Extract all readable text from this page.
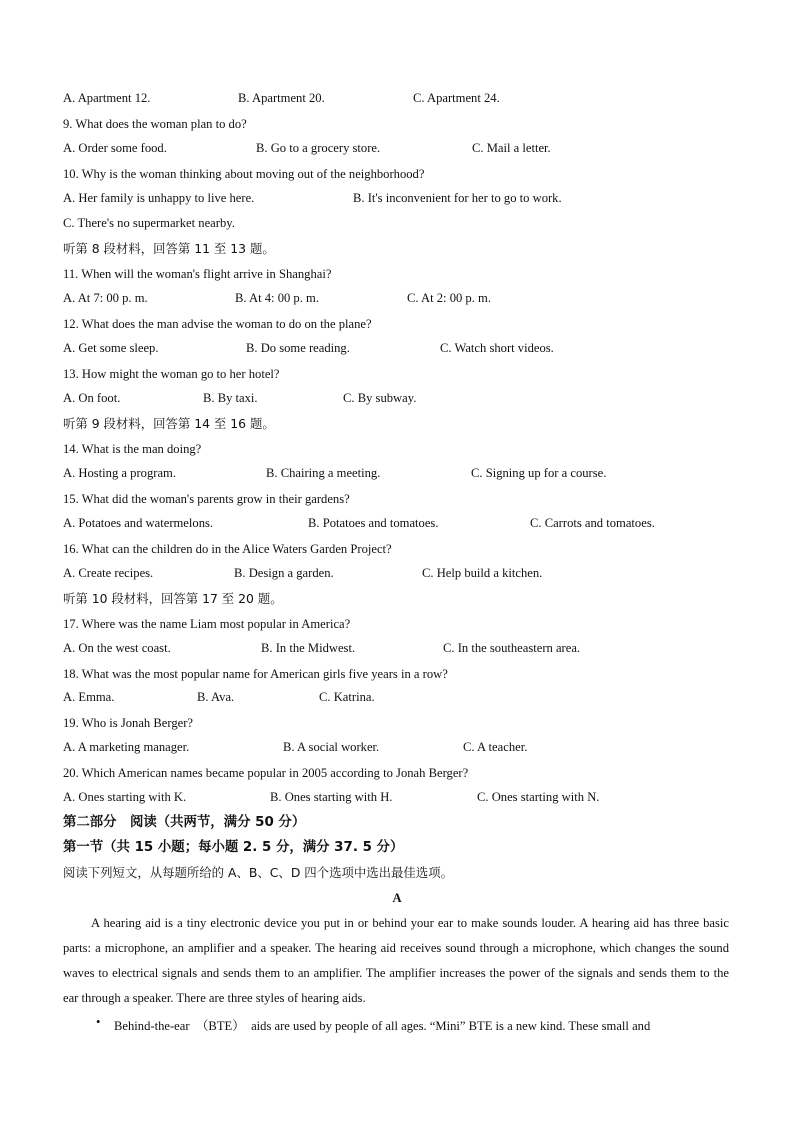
A. Apartment 12.	B. Apartment 20.	C. Apartment 24.
9. What does the woman plan to do?
A. Order some food.	B. Go to a grocery store.	C. Mail a letter.
10. Why is the woman thinking about moving out of the neighborhood?
A. Her family is unhappy to live here.	B. It's inconvenient for her to go to work.
C. There's no supermarket nearby.
听第 8 段材料，回答第 11 至 13 题。
11. When will the woman's flight arrive in Shanghai?
A. At 7: 00 p. m.	B. At 4: 00 p. m.	C. At 2: 00 p. m.
12. What does the man advise the woman to do on the plane?
A. Get some sleep.	B. Do some reading.	C. Watch short videos.
13. How might the woman go to her hotel?
A. On foot.	B. By taxi.	C. By subway.
听第 9 段材料，回答第 14 至 16 题。
14. What is the man doing?
A. Hosting a program.	B. Chairing a meeting.	C. Signing up for a course.
15. What did the woman's parents grow in their gardens?
A. Potatoes and watermelons.	B. Potatoes and tomatoes.	C. Carrots and tomatoes.
16. What can the children do in the Alice Waters Garden Project?
A. Create recipes.	B. Design a garden.	C. Help build a kitchen.
听第 10 段材料，回答第 17 至 20 题。
17. Where was the name Liam most popular in America?
A. On the west coast.	B. In the Midwest.	C. In the southeastern area.
18. What was the most popular name for American girls five years in a row?
A. Emma.	B. Ava.	C. Katrina.
19. Who is Jonah Berger?
A. A marketing manager.	B. A social worker.	C. A teacher.
20. Which American names became popular in 2005 according to Jonah Berger?
A. Ones starting with K.	B. Ones starting with H.	C. Ones starting with N.
第二部分　阅读（共两节，满分 50 分）
第一节（共 15 小题；每小题 2. 5 分，满分 37. 5 分）
阅读下列短文，从每题所给的 A、B、C、D 四个选项中选出最佳选项。
A

A hearing aid is a tiny electronic device you put in or behind your ear to make sounds louder. A hearing aid has three basic parts: a microphone, an amplifier and a speaker. The hearing aid receives sound through a microphone, which changes the sound waves to electrical signals and sends them to an amplifier. The amplifier increases the power of the signals and sends them to the ear through a speaker. There are three styles of hearing aids.

• Behind-the-ear　（BTE）　aids are used by people of all ages. “Mini” BTE is a new kind. These small and
